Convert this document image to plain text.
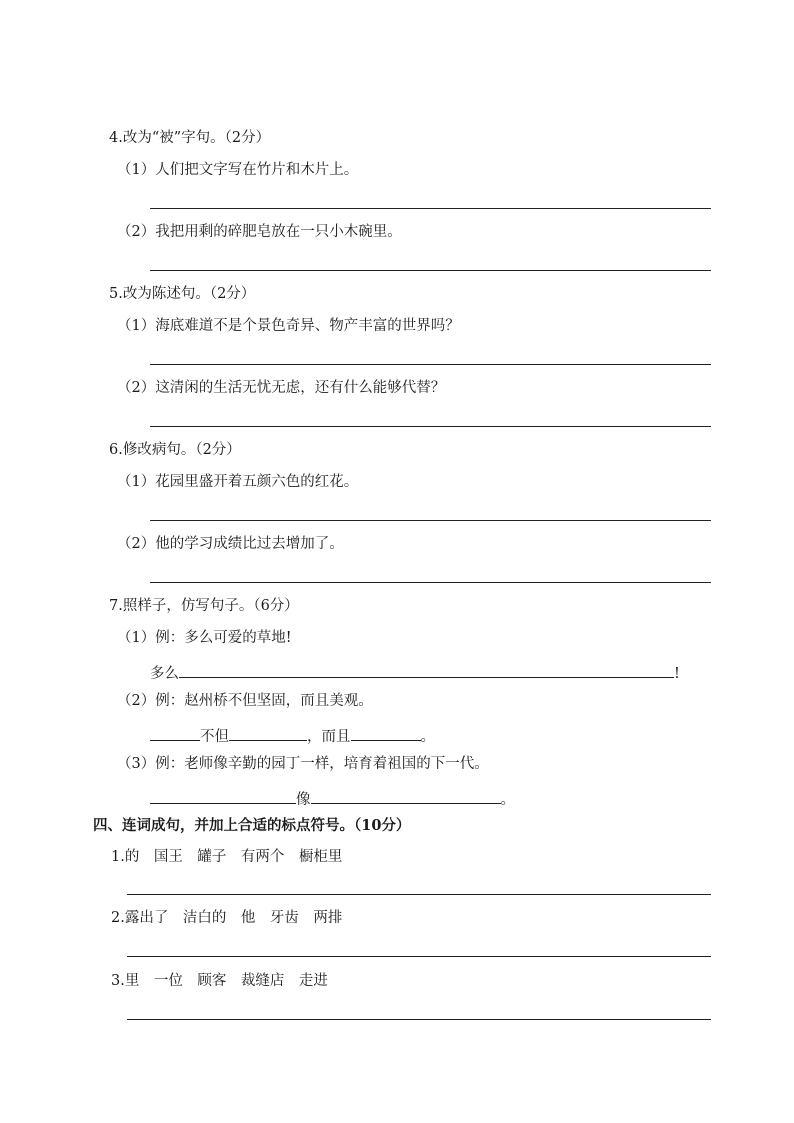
4.改为“被”字句。（2分）
（1）人们把文字写在竹片和木片上。
（2）我把用剩的碎肥皂放在一只小木碗里。
5.改为陈述句。（2分）
（1）海底难道不是个景色奇异、物产丰富的世界吗？
（2）这清闲的生活无忧无虑，还有什么能够代替？
6.修改病句。（2分）
（1）花园里盛开着五颜六色的红花。
（2）他的学习成绩比过去增加了。
7.照样子，仿写句子。（6分）
（1）例：多么可爱的草地!
多么	!
（2）例：赵州桥不但坚固，而且美观。
不但	，而且	。
（3）例：老师像辛勤的园丁一样，培育着祖国的下一代。
像	。
四、连词成句，并加上合适的标点符号。（10分）
1.的　国王　罐子　有两个　橱柜里
2.露出了　洁白的　他　牙齿　两排
3.里　一位　顾客　裁缝店　走进
